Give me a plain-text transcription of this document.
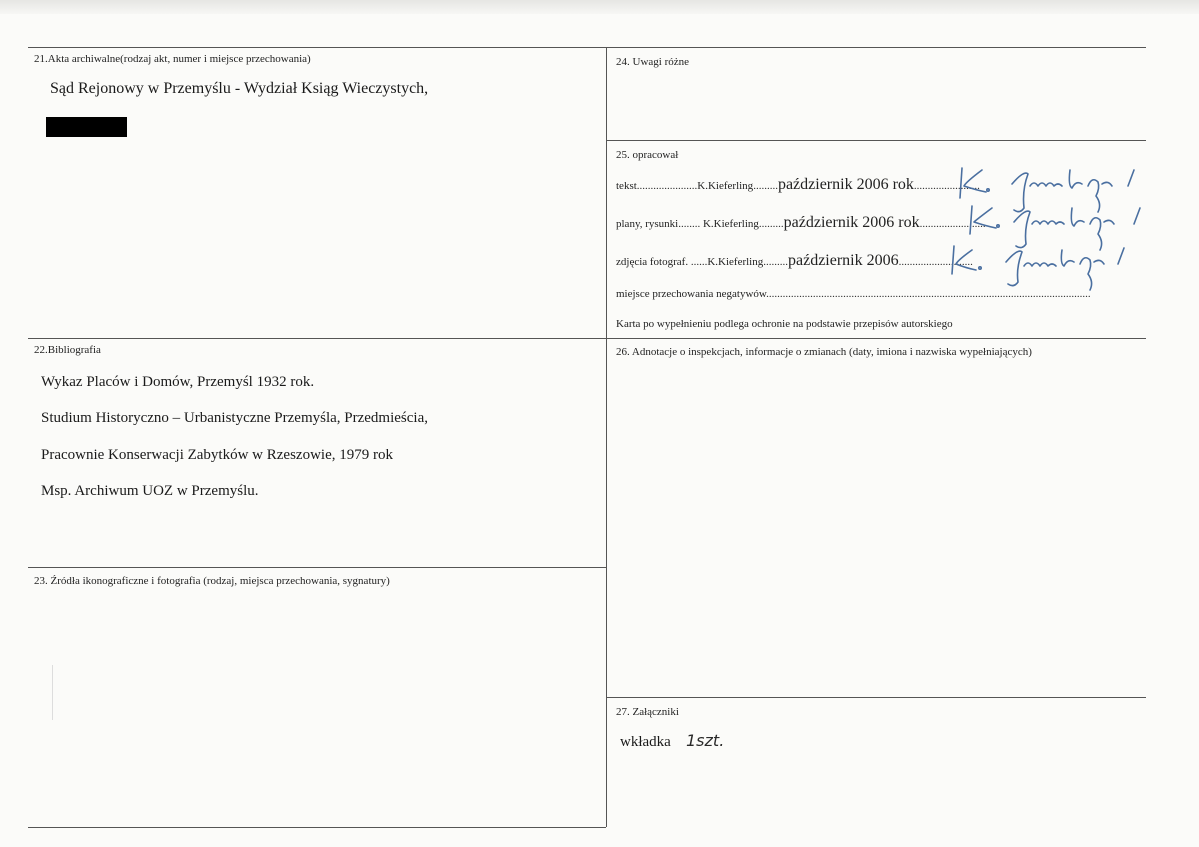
21.Akta archiwalne(rodzaj akt, numer i miejsce przechowania)
Sąd Rejonowy w Przemyślu - Wydział Ksiąg Wieczystych,
24. Uwagi różne
25. opracował
tekst......................K.Kieferling.........październik 2006 rok........................
plany, rysunki........ K.Kieferling.........październik 2006 rok........................
zdjęcia fotograf. ......K.Kieferling.........październik 2006...........................
miejsce przechowania negatywów......................................................................................................................
Karta po wypełnieniu podlega ochronie na podstawie przepisów autorskiego
22.Bibliografia
Wykaz Placów i Domów, Przemyśl 1932 rok.
Studium Historyczno – Urbanistyczne Przemyśla, Przedmieścia,
Pracownie Konserwacji Zabytków w Rzeszowie, 1979 rok
Msp. Archiwum UOZ w Przemyślu.
26. Adnotacje o inspekcjach, informacje o zmianach (daty, imiona i nazwiska wypełniających)
23. Źródła ikonograficzne i fotografia (rodzaj, miejsca przechowania, sygnatury)
27. Załączniki
wkładka 1szt.
